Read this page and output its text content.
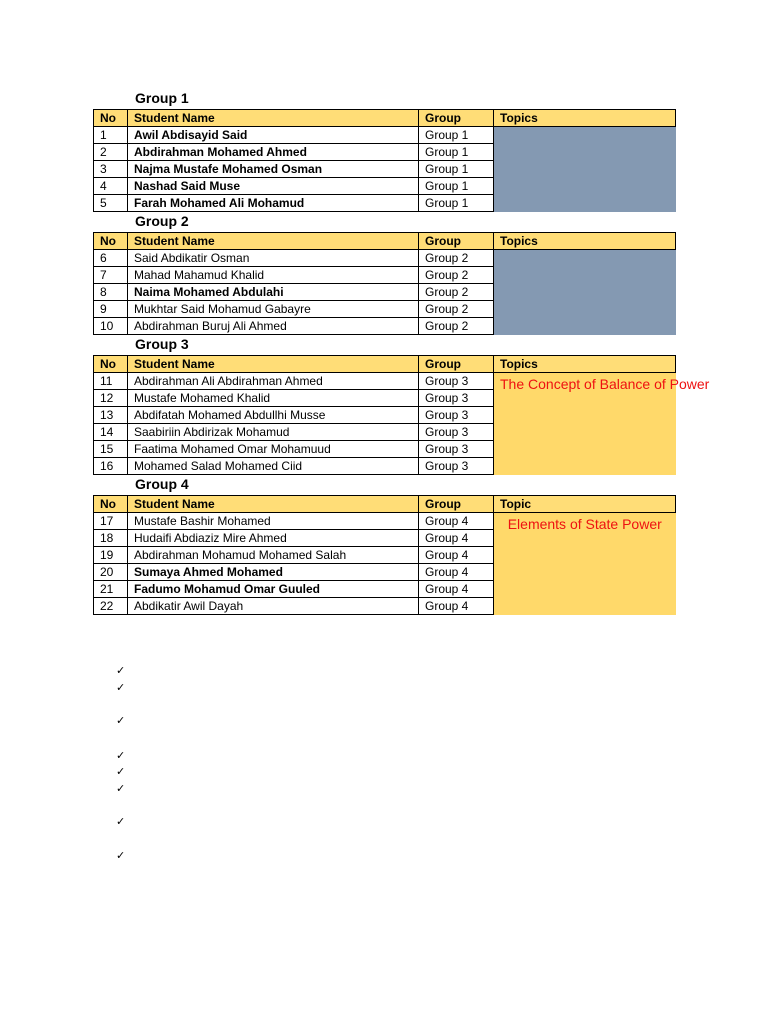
Group 1
No	Student Name	Group	Topics
1	Awil Abdisayid Said	Group 1	

2	Abdirahman Mohamed Ahmed	Group 1	
3	Najma Mustafe Mohamed Osman	Group 1	
4	Nashad Said Muse	Group 1	
5	Farah Mohamed Ali Mohamud	Group 1	
Group 2
No	Student Name	Group	Topics
6	Said Abdikatir Osman	Group 2	

7	Mahad Mahamud Khalid	Group 2	
8	Naima Mohamed Abdulahi	Group 2	
9	Mukhtar Said Mohamud Gabayre	Group 2	
10	Abdirahman Buruj Ali Ahmed	Group 2	
Group 3
No	Student Name	Group	Topics
11	Abdirahman Ali Abdirahman Ahmed	Group 3	The Concept of Balance of Power

12	Mustafe Mohamed Khalid	Group 3	
13	Abdifatah Mohamed Abdullhi Musse	Group 3	
14	Saabiriin Abdirizak Mohamud	Group 3	
15	Faatima Mohamed Omar Mohamuud	Group 3	
16	Mohamed Salad Mohamed Ciid	Group 3	
Group 4
No	Student Name	Group	Topic
17	Mustafe Bashir Mohamed	Group 4	Elements of State Power

18	Hudaifi Abdiaziz Mire Ahmed	Group 4	
19	Abdirahman Mohamud Mohamed Salah	Group 4	
20	Sumaya Ahmed Mohamed	Group 4	
21	Fadumo Mohamud Omar Guuled	Group 4	
22	Abdikatir Awil Dayah	Group 4	
✓
✓
✓
✓
✓
✓
✓
✓
